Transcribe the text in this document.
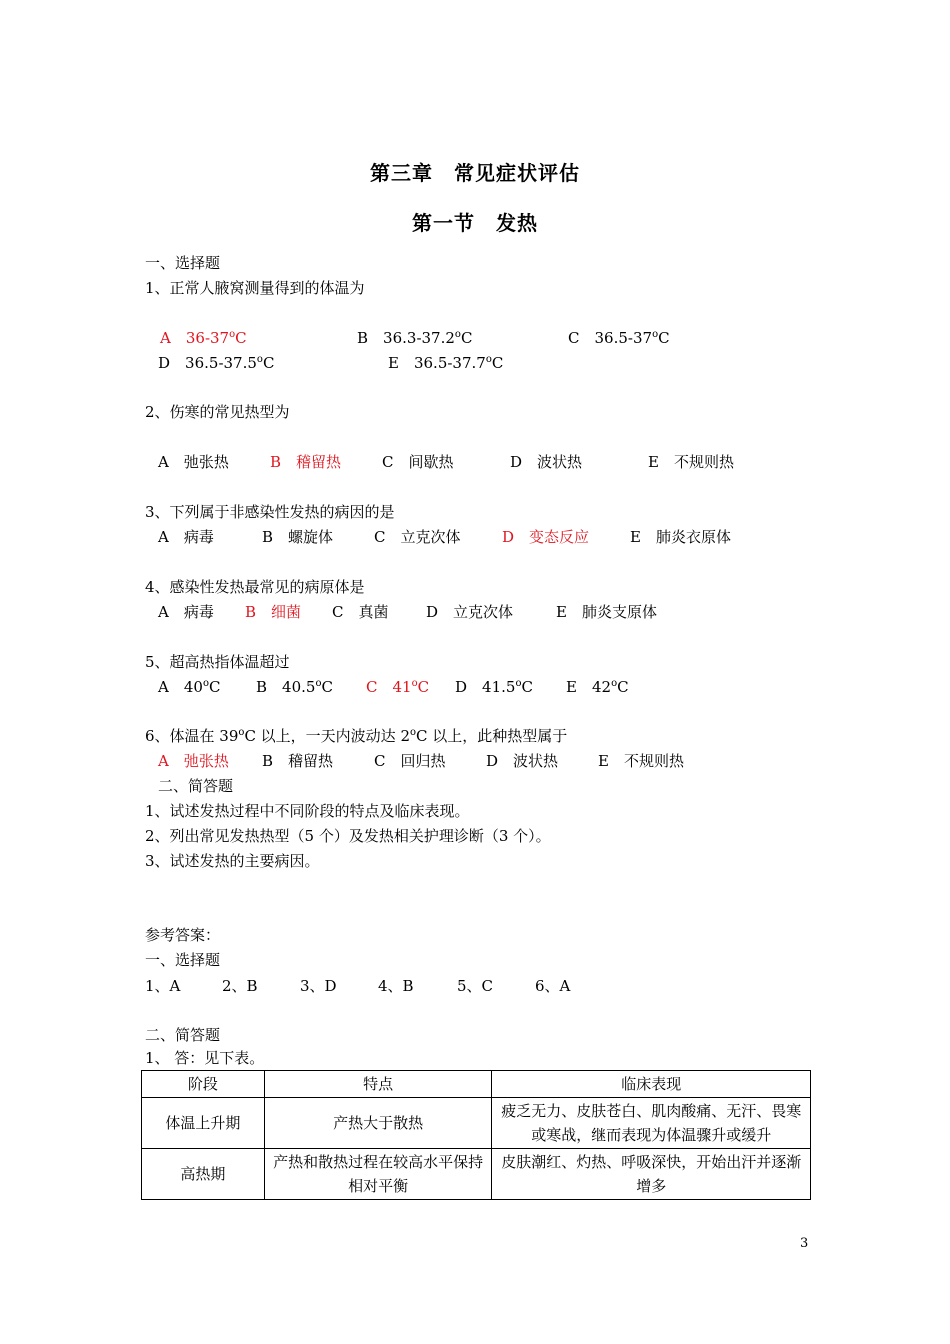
第三章　常见症状评估
第一节　发热
一、选择题
1、正常人腋窝测量得到的体温为
A　 36-37$^o$C	B　 36.3-37.2$^o$C	C　 36.5-37$^o$C
D　 36.5-37.5$^o$C	E　 36.5-37.7$^o$C
2、伤寒的常见热型为
A　 弛张热	B　 稽留热	C　 间歇热	D　 波状热	E　 不规则热
3、下列属于非感染性发热的病因的是
A　 病毒	B　 螺旋体	C　 立克次体	D　 变态反应	E　 肺炎衣原体
4、感染性发热最常见的病原体是
A　 病毒 B　 细菌 C　 真菌 D　 立克次体	E　 肺炎支原体
5、超高热指体温超过
A　 40$^o$C B　 40.5$^o$C C　 41$^o$C D　 41.5$^o$C E　 42$^o$C
6、体温在 39$^o$C 以上，一天内波动达 2$^o$C 以上，此种热型属于
A　 弛张热 B　 稽留热	C　 回归热	D　 波状热	E　 不规则热
二、简答题
1、试述发热过程中不同阶段的特点及临床表现。
2、列出常见发热热型（5 个）及发热相关护理诊断（3 个）。
3、试述发热的主要病因。
参考答案：
一、选择题
1、A	2、B	3、D	4、B	5、C	6、A
二、简答题
1、 答：见下表。
阶段	特点	临床表现
体温上升期	产热大于散热	疲乏无力、皮肤苍白、肌肉酸痛、无汗、畏寒或寒战，继而表现为体温骤升或缓升
高热期	产热和散热过程在较高水平保持相对平衡	皮肤潮红、灼热、呼吸深快，开始出汗并逐渐增多
3
